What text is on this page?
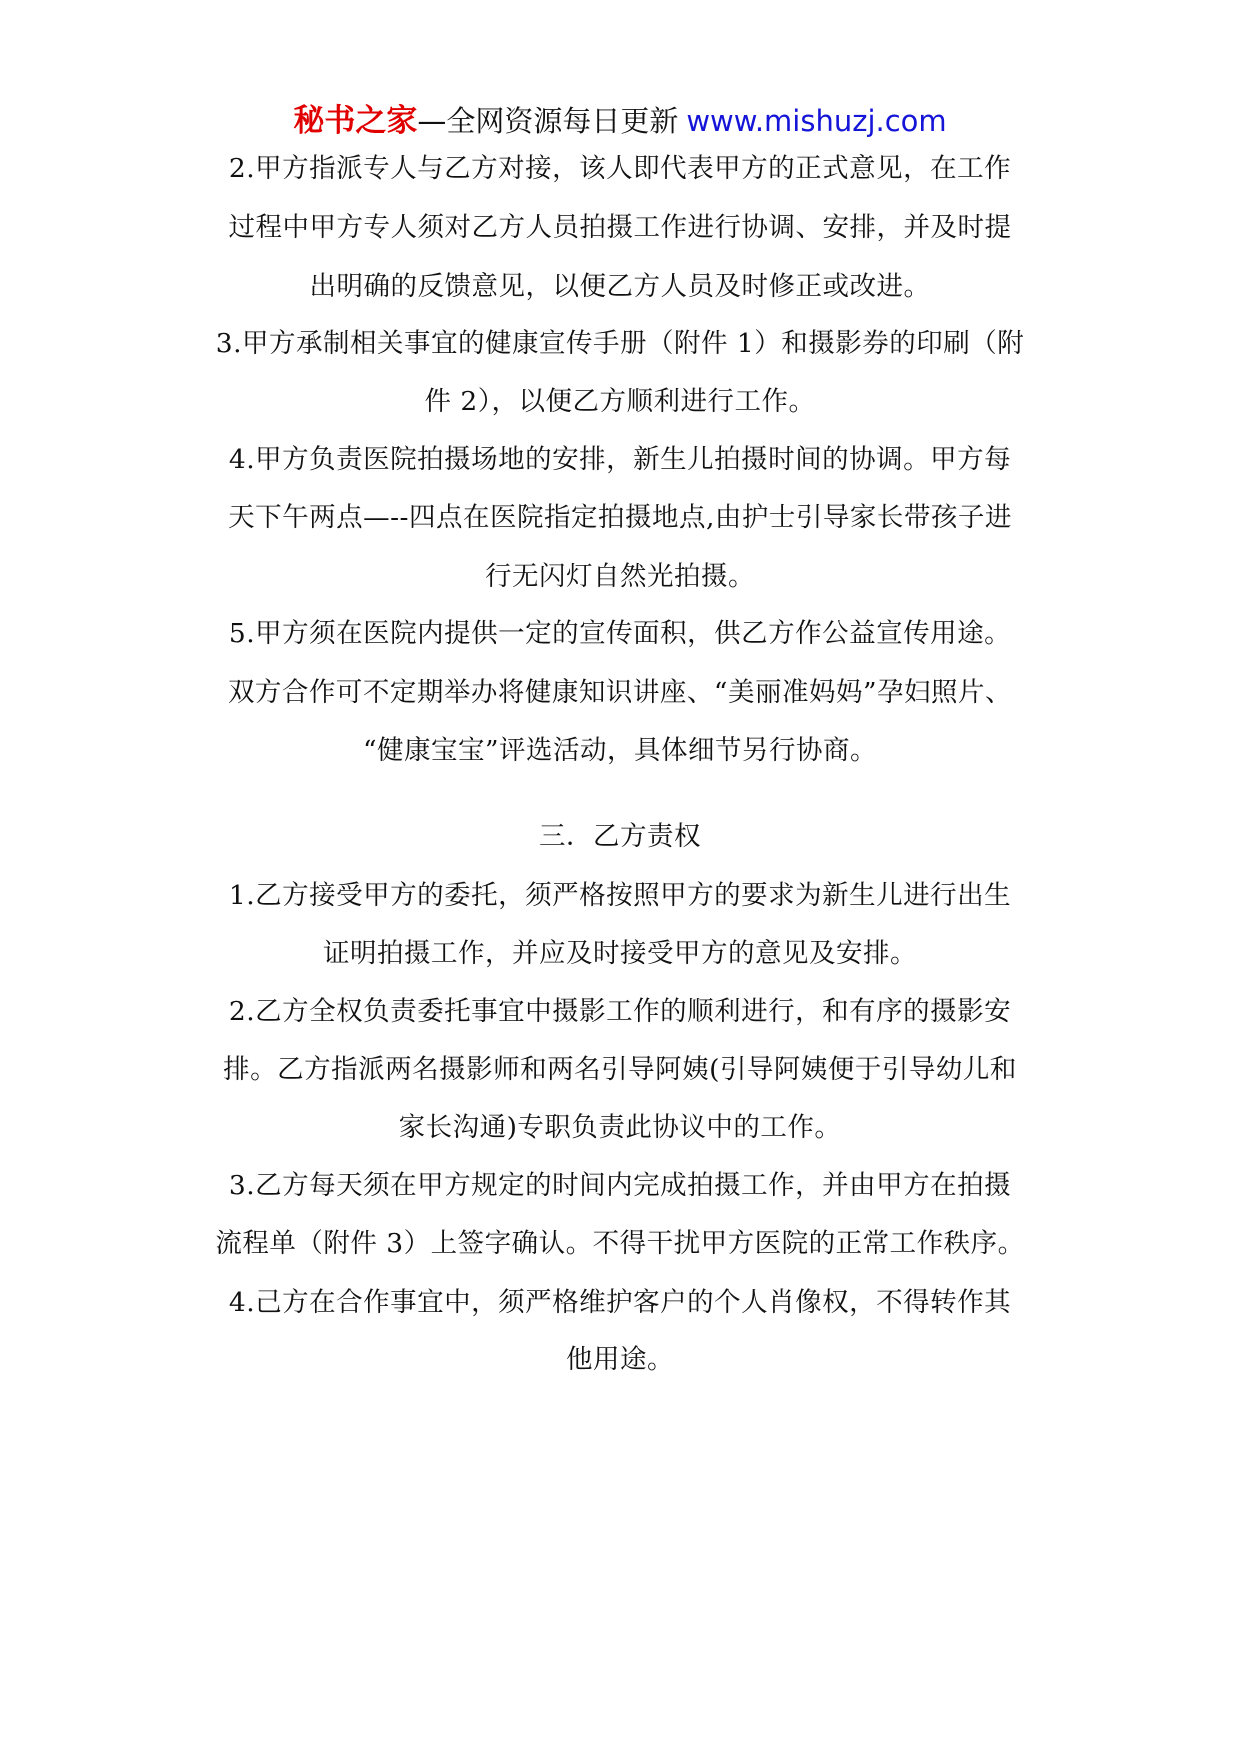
秘书之家—全网资源每日更新 www.mishuzj.com
2.甲方指派专人与乙方对接，该人即代表甲方的正式意见，在工作
过程中甲方专人须对乙方人员拍摄工作进行协调、安排，并及时提
出明确的反馈意见，以便乙方人员及时修正或改进。
3.甲方承制相关事宜的健康宣传手册（附件 1）和摄影券的印刷（附
件 2），以便乙方顺利进行工作。
4.甲方负责医院拍摄场地的安排，新生儿拍摄时间的协调。甲方每
天下午两点—--四点在医院指定拍摄地点,由护士引导家长带孩子进
行无闪灯自然光拍摄。
5.甲方须在医院内提供一定的宣传面积，供乙方作公益宣传用途。
双方合作可不定期举办将健康知识讲座、“美丽准妈妈”孕妇照片、
“健康宝宝”评选活动，具体细节另行协商。
三．乙方责权
1.乙方接受甲方的委托，须严格按照甲方的要求为新生儿进行出生
证明拍摄工作，并应及时接受甲方的意见及安排。
2.乙方全权负责委托事宜中摄影工作的顺利进行，和有序的摄影安
排。乙方指派两名摄影师和两名引导阿姨(引导阿姨便于引导幼儿和
家长沟通)专职负责此协议中的工作。
3.乙方每天须在甲方规定的时间内完成拍摄工作，并由甲方在拍摄
流程单（附件 3）上签字确认。不得干扰甲方医院的正常工作秩序。
4.己方在合作事宜中，须严格维护客户的个人肖像权，不得转作其
他用途。
